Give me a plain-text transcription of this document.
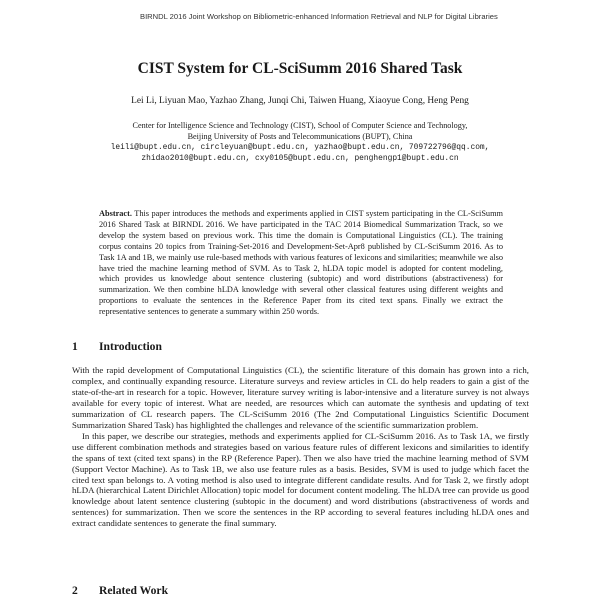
BIRNDL 2016 Joint Workshop on Bibliometric-enhanced Information Retrieval and NLP for Digital Libraries
CIST System for CL-SciSumm 2016 Shared Task
Lei Li, Liyuan Mao, Yazhao Zhang, Junqi Chi, Taiwen Huang, Xiaoyue Cong, Heng Peng
Center for Intelligence Science and Technology (CIST), School of Computer Science and Technology,
Beijing University of Posts and Telecommunications (BUPT), China
leili@bupt.edu.cn, circleyuan@bupt.edu.cn, yazhao@bupt.edu.cn, 709722796@qq.com,
zhidao2010@bupt.edu.cn, cxy0105@bupt.edu.cn, penghengp1@bupt.edu.cn
Abstract. This paper introduces the methods and experiments applied in CIST system participating in the CL-SciSumm 2016 Shared Task at BIRNDL 2016. We have participated in the TAC 2014 Biomedical Summarization Track, so we develop the system based on previous work. This time the domain is Computational Linguistics (CL). The training corpus contains 20 topics from Training-Set-2016 and Development-Set-Apr8 published by CL-SciSumm 2016. As to Task 1A and 1B, we mainly use rule-based methods with various features of lexicons and similarities; meanwhile we also have tried the machine learning method of SVM. As to Task 2, hLDA topic model is adopted for content modeling, which provides us knowledge about sentence clustering (subtopic) and word distributions (abstractiveness) for summarization. We then combine hLDA knowledge with several other classical features using different weights and proportions to evaluate the sentences in the Reference Paper from its cited text spans. Finally we extract the representative sentences to generate a summary within 250 words.
1 Introduction

With the rapid development of Computational Linguistics (CL), the scientific literature of this domain has grown into a rich, complex, and continually expanding resource. Literature surveys and review articles in CL do help readers to gain a gist of the state-of-the-art in research for a topic. However, literature survey writing is labor-intensive and a literature survey is not always available for every topic of interest. What are needed, are resources which can automate the synthesis and updating of text summarization of CL research papers. The CL-SciSumm 2016 (The 2nd Computational Linguistics Scientific Document Summarization Shared Task) has highlighted the challenges and relevance of the scientific summarization problem.

In this paper, we describe our strategies, methods and experiments applied for CL-SciSumm 2016. As to Task 1A, we firstly use different combination methods and strategies based on various feature rules of different lexicons and similarities to identify the spans of text (cited text spans) in the RP (Reference Paper). Then we also have tried the machine learning method of SVM (Support Vector Machine). As to Task 1B, we also use feature rules as a basis. Besides, SVM is used to judge which facet the cited text span belongs to. A voting method is also used to integrate different candidate results. And for Task 2, we firstly adopt hLDA (hierarchical Latent Dirichlet Allocation) topic model for document content modeling. The hLDA tree can provide us good knowledge about latent sentence clustering (subtopic in the document) and word distributions (abstractiveness of words and sentences) for summarization. Then we score the sentences in the RP according to several features including hLDA ones and extract candidate sentences to generate the final summary.

2 Related Work
